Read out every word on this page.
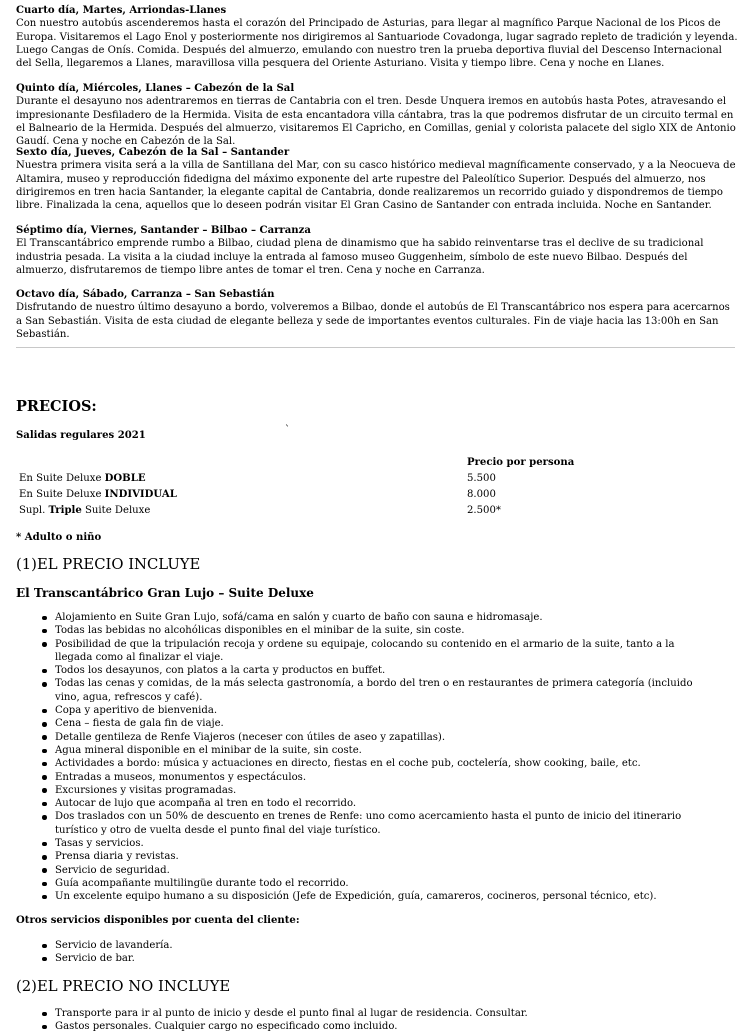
Cuarto día, Martes, Arriondas-Llanes
Con nuestro autobús ascenderemos hasta el corazón del Principado de Asturias, para llegar al magnífico Parque Nacional de los Picos de Europa. Visitaremos el Lago Enol y posteriormente nos dirigiremos al Santuariode Covadonga, lugar sagrado repleto de tradición y leyenda. Luego Cangas de Onís. Comida. Después del almuerzo, emulando con nuestro tren la prueba deportiva fluvial del Descenso Internacional del Sella, llegaremos a Llanes, maravillosa villa pesquera del Oriente Asturiano. Visita y tiempo libre. Cena y noche en Llanes.
Quinto día, Miércoles, Llanes – Cabezón de la Sal
Durante el desayuno nos adentraremos en tierras de Cantabria con el tren. Desde Unquera iremos en autobús hasta Potes, atravesando el impresionante Desfiladero de la Hermida. Visita de esta encantadora villa cántabra, tras la que podremos disfrutar de un circuito termal en el Balneario de la Hermida. Después del almuerzo, visitaremos El Capricho, en Comillas, genial y colorista palacete del siglo XIX de Antonio Gaudí. Cena y noche en Cabezón de la Sal.
Sexto día, Jueves, Cabezón de la Sal – Santander
Nuestra primera visita será a la villa de Santillana del Mar, con su casco histórico medieval magníficamente conservado, y a la Neocueva de Altamira, museo y reproducción fidedigna del máximo exponente del arte rupestre del Paleolítico Superior. Después del almuerzo, nos dirigiremos en tren hacia Santander, la elegante capital de Cantabria, donde realizaremos un recorrido guiado y dispondremos de tiempo libre. Finalizada la cena, aquellos que lo deseen podrán visitar El Gran Casino de Santander con entrada incluida. Noche en Santander.
Séptimo día, Viernes, Santander – Bilbao – Carranza
El Transcantábrico emprende rumbo a Bilbao, ciudad plena de dinamismo que ha sabido reinventarse tras el declive de su tradicional industria pesada. La visita a la ciudad incluye la entrada al famoso museo Guggenheim, símbolo de este nuevo Bilbao. Después del almuerzo, disfrutaremos de tiempo libre antes de tomar el tren. Cena y noche en Carranza.
Octavo día, Sábado, Carranza – San Sebastián
Disfrutando de nuestro último desayuno a bordo, volveremos a Bilbao, donde el autobús de El Transcantábrico nos espera para acercarnos a San Sebastián. Visita de esta ciudad de elegante belleza y sede de importantes eventos culturales. Fin de viaje hacia las 13:00h en San Sebastián.
PRECIOS:
Salidas regulares 2021	`
Precio por persona
En Suite Deluxe DOBLE	5.500
En Suite Deluxe INDIVIDUAL	8.000
Supl. Triple Suite Deluxe	2.500*
* Adulto o niño
(1)EL PRECIO INCLUYE
El Transcantábrico Gran Lujo – Suite Deluxe
Alojamiento en Suite Gran Lujo, sofá/cama en salón y cuarto de baño con sauna e hidromasaje.
Todas las bebidas no alcohólicas disponibles en el minibar de la suite, sin coste.
Posibilidad de que la tripulación recoja y ordene su equipaje, colocando su contenido en el armario de la suite, tanto a la llegada como al finalizar el viaje.
Todos los desayunos, con platos a la carta y productos en buffet.
Todas las cenas y comidas, de la más selecta gastronomía, a bordo del tren o en restaurantes de primera categoría (incluido vino, agua, refrescos y café).
Copa y aperitivo de bienvenida.
Cena – fiesta de gala fin de viaje.
Detalle gentileza de Renfe Viajeros (neceser con útiles de aseo y zapatillas).
Agua mineral disponible en el minibar de la suite, sin coste.
Actividades a bordo: música y actuaciones en directo, fiestas en el coche pub, coctelería, show cooking, baile, etc.
Entradas a museos, monumentos y espectáculos.
Excursiones y visitas programadas.
Autocar de lujo que acompaña al tren en todo el recorrido.
Dos traslados con un 50% de descuento en trenes de Renfe: uno como acercamiento hasta el punto de inicio del itinerario turístico y otro de vuelta desde el punto final del viaje turístico.
Tasas y servicios.
Prensa diaria y revistas.
Servicio de seguridad.
Guía acompañante multilingüe durante todo el recorrido.
Un excelente equipo humano a su disposición (Jefe de Expedición, guía, camareros, cocineros, personal técnico, etc).
Otros servicios disponibles por cuenta del cliente:
Servicio de lavandería.
Servicio de bar.
(2)EL PRECIO NO INCLUYE
Transporte para ir al punto de inicio y desde el punto final al lugar de residencia. Consultar.
Gastos personales. Cualquier cargo no especificado como incluido.
